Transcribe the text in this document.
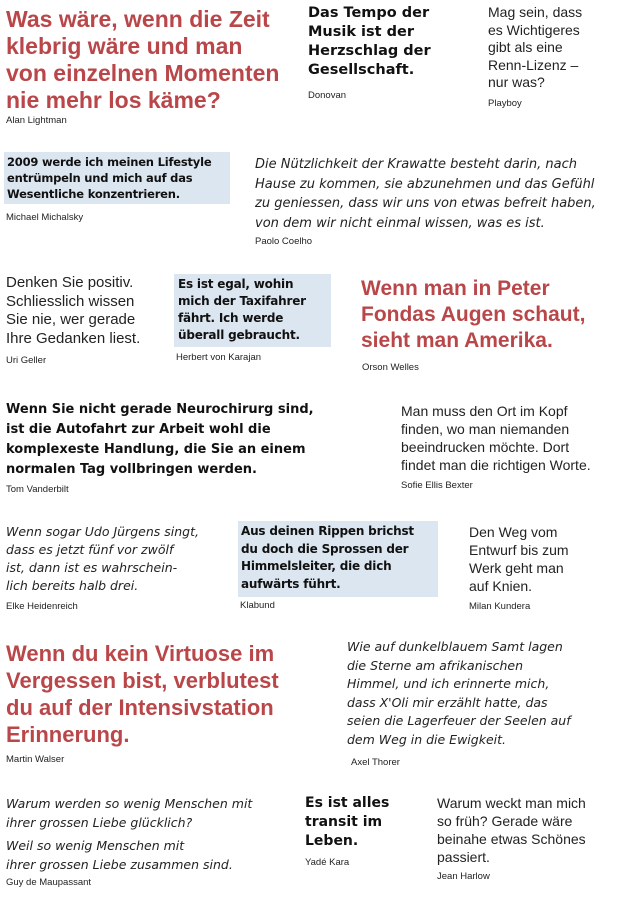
Was wäre, wenn die Zeit
klebrig wäre und man
von einzelnen Momenten
nie mehr los käme?
Alan Lightman
Das Tempo der
Musik ist der
Herzschlag der
Gesellschaft.
Donovan
Mag sein, dass
es Wichtigeres
gibt als eine
Renn-Lizenz –
nur was?
Playboy
2009 werde ich meinen Lifestyle
entrümpeln und mich auf das
Wesentliche konzentrieren.
Michael Michalsky
Die Nützlichkeit der Krawatte besteht darin, nach
Hause zu kommen, sie abzunehmen und das Gefühl
zu geniessen, dass wir uns von etwas befreit haben,
von dem wir nicht einmal wissen, was es ist.
Paolo Coelho
Denken Sie positiv.
Schliesslich wissen
Sie nie, wer gerade
Ihre Gedanken liest.
Uri Geller
Es ist egal, wohin
mich der Taxifahrer
fährt. Ich werde
überall gebraucht.
Herbert von Karajan
Wenn man in Peter
Fondas Augen schaut,
sieht man Amerika.
Orson Welles
Wenn Sie nicht gerade Neurochirurg sind,
ist die Autofahrt zur Arbeit wohl die
komplexeste Handlung, die Sie an einem
normalen Tag vollbringen werden.
Tom Vanderbilt
Man muss den Ort im Kopf
finden, wo man niemanden
beeindrucken möchte. Dort
findet man die richtigen Worte.
Sofie Ellis Bexter
Wenn sogar Udo Jürgens singt,
dass es jetzt fünf vor zwölf
ist, dann ist es wahrschein-
lich bereits halb drei.
Elke Heidenreich
Aus deinen Rippen brichst
du doch die Sprossen der
Himmelsleiter, die dich
aufwärts führt.
Klabund
Den Weg vom
Entwurf bis zum
Werk geht man
auf Knien.
Milan Kundera
Wenn du kein Virtuose im
Vergessen bist, verblutest
du auf der Intensivstation
Erinnerung.
Martin Walser
Wie auf dunkelblauem Samt lagen
die Sterne am afrikanischen
Himmel, und ich erinnerte mich,
dass X'Oli mir erzählt hatte, das
seien die Lagerfeuer der Seelen auf
dem Weg in die Ewigkeit.
Axel Thorer
Warum werden so wenig Menschen mit
ihrer grossen Liebe glücklich?
Weil so wenig Menschen mit
ihrer grossen Liebe zusammen sind.
Guy de Maupassant
Es ist alles
transit im
Leben.
Yadé Kara
Warum weckt man mich
so früh? Gerade wäre
beinahe etwas Schönes
passiert.
Jean Harlow
